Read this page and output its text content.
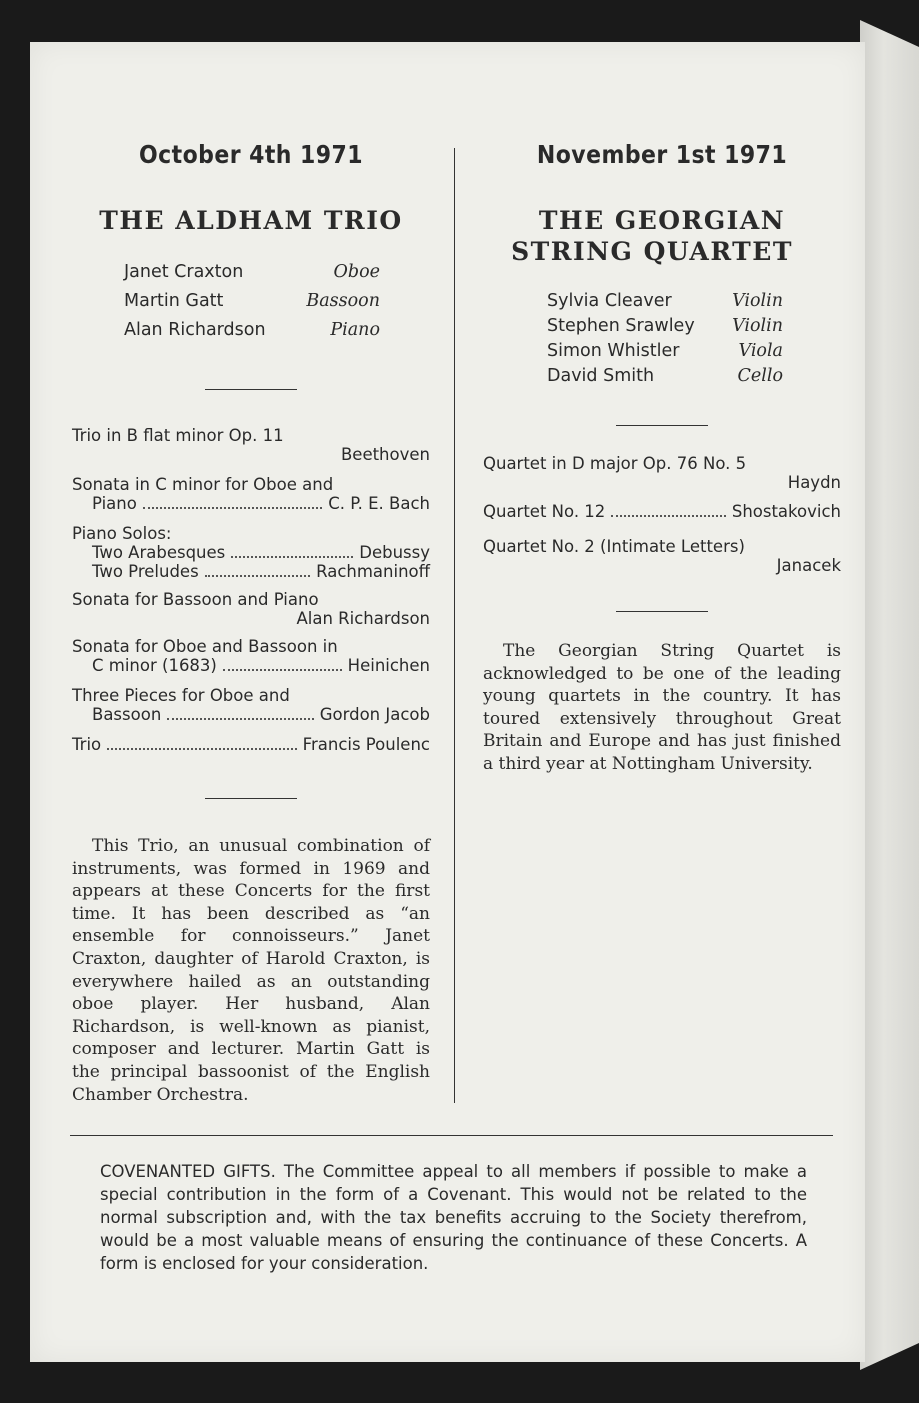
October 4th 1971
THE ALDHAM TRIO
Janet Craxton	Oboe
Martin Gatt	Bassoon
Alan Richardson	Piano
Trio in B flat minor Op. 11
Beethoven
Sonata in C minor for Oboe and
Piano	C. P. E. Bach
Piano Solos:
Two Arabesques	Debussy
Two Preludes	Rachmaninoff
Sonata for Bassoon and Piano
Alan Richardson
Sonata for Oboe and Bassoon in
C minor (1683)	Heinichen
Three Pieces for Oboe and
Bassoon	Gordon Jacob
Trio	Francis Poulenc

This Trio, an unusual combination of instruments, was formed in 1969 and appears at these Concerts for the first time. It has been described as “an ensemble for connoisseurs.” Janet Craxton, daughter of Harold Craxton, is everywhere hailed as an outstanding oboe player. Her husband, Alan Richardson, is well-known as pianist, composer and lecturer. Martin Gatt is the principal bassoonist of the English Chamber Orchestra.

November 1st 1971
THE GEORGIAN
STRING QUARTET
Sylvia Cleaver	Violin
Stephen Srawley Violin
Simon Whistler	Viola
David Smith	Cello
Quartet in D major Op. 76 No. 5
Haydn
Quartet No. 12	Shostakovich
Quartet No. 2 (Intimate Letters)
Janacek

The Georgian String Quartet is acknowledged to be one of the leading young quartets in the country. It has toured extensively throughout Great Britain and Europe and has just finished a third year at Nottingham University.

COVENANTED GIFTS. The Committee appeal to all members if possible to make a special contribution in the form of a Covenant. This would not be related to the normal subscription and, with the tax benefits accruing to the Society therefrom, would be a most valuable means of ensuring the continuance of these Concerts. A form is enclosed for your consideration.
